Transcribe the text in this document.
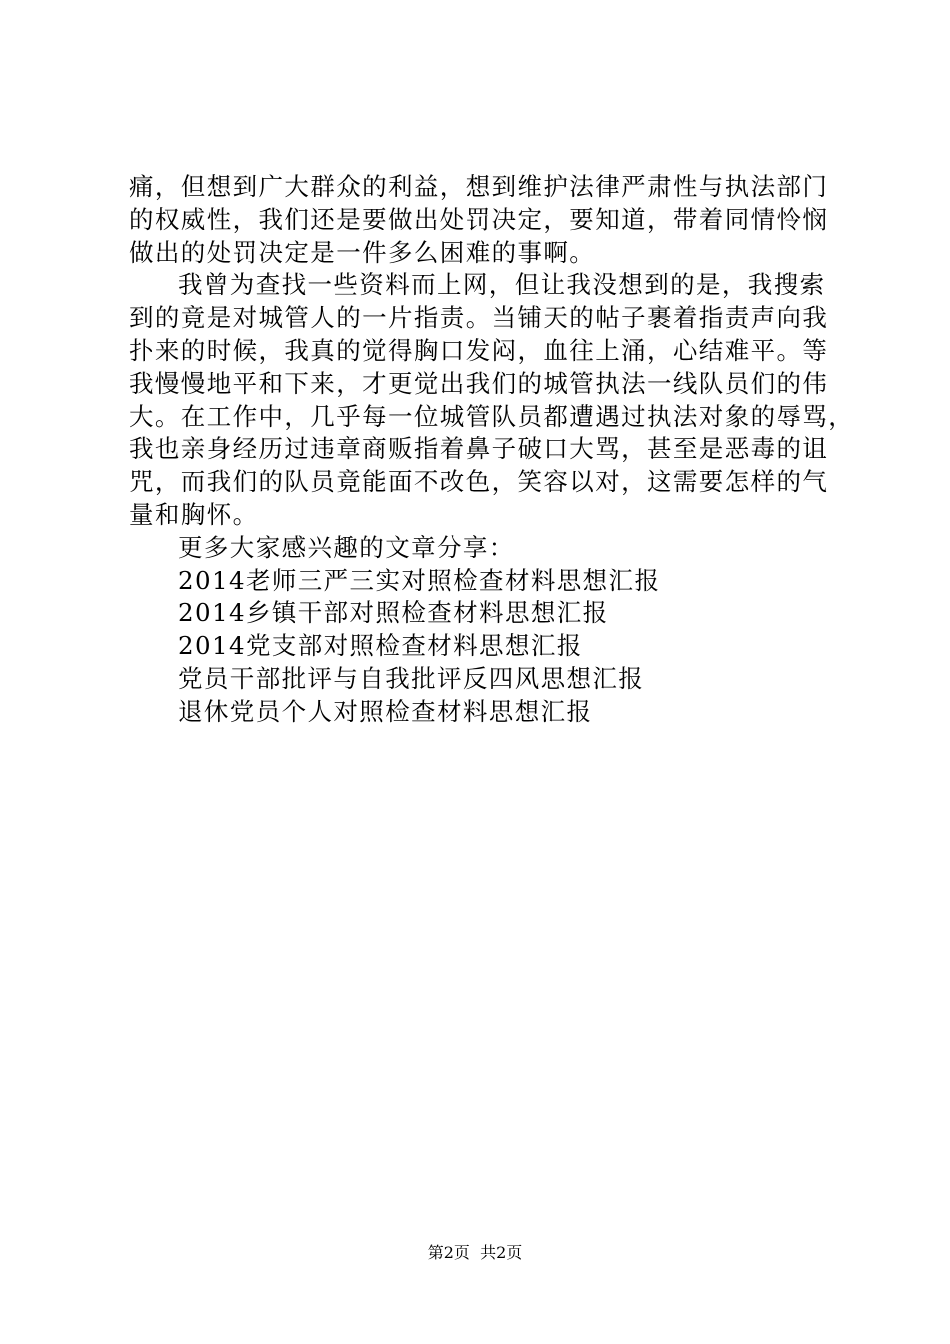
痛，但想到广大群众的利益，想到维护法律严肃性与执法部门
的权威性，我们还是要做出处罚决定，要知道，带着同情怜悯
做出的处罚决定是一件多么困难的事啊。
我曾为查找一些资料而上网，但让我没想到的是，我搜索
到的竟是对城管人的一片指责。当铺天的帖子裹着指责声向我
扑来的时候，我真的觉得胸口发闷，血往上涌，心结难平。等
我慢慢地平和下来，才更觉出我们的城管执法一线队员们的伟
大。在工作中，几乎每一位城管队员都遭遇过执法对象的辱骂，
我也亲身经历过违章商贩指着鼻子破口大骂，甚至是恶毒的诅
咒，而我们的队员竟能面不改色，笑容以对，这需要怎样的气
量和胸怀。
更多大家感兴趣的文章分享：
2014老师三严三实对照检查材料思想汇报
2014乡镇干部对照检查材料思想汇报
2014党支部对照检查材料思想汇报
党员干部批评与自我批评反四风思想汇报
退休党员个人对照检查材料思想汇报
第2页  共2页
